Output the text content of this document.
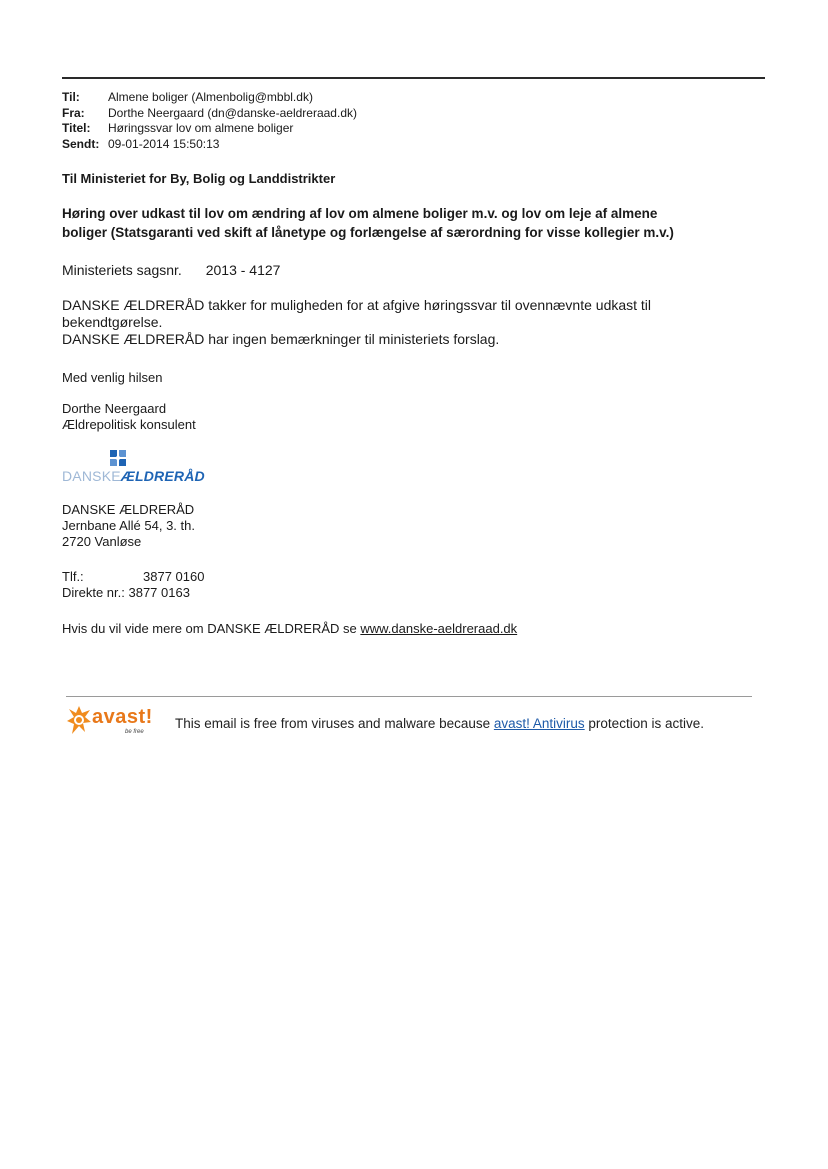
Til:	Almene boliger (Almenbolig@mbbl.dk)
Fra:	Dorthe Neergaard (dn@danske-aeldreraad.dk)
Titel:	Høringssvar lov om almene boliger
Sendt: 09-01-2014 15:50:13
Til Ministeriet for By, Bolig og Landdistrikter
Høring over udkast til lov om ændring af lov om almene boliger m.v. og lov om leje af almene
boliger (Statsgaranti ved skift af lånetype og forlængelse af særordning for visse kollegier m.v.)
Ministeriets sagsnr. 2013 - 4127
DANSKE ÆLDRERÅD takker for muligheden for at afgive høringssvar til ovennævnte udkast til
bekendtgørelse.
DANSKE ÆLDRERÅD har ingen bemærkninger til ministeriets forslag.
Med venlig hilsen
Dorthe Neergaard
Ældrepolitisk konsulent
DANSKEÆLDRERÅD
DANSKE ÆLDRERÅD
Jernbane Allé 54, 3. th.
2720 Vanløse
Tlf.:	3877 0160
Direkte nr.:
3877 0163
Hvis du vil vide mere om DANSKE ÆLDRERÅD se www.danske-aeldreraad.dk
avast!
be free
This email is free from viruses and malware because avast! Antivirus protection is active.
